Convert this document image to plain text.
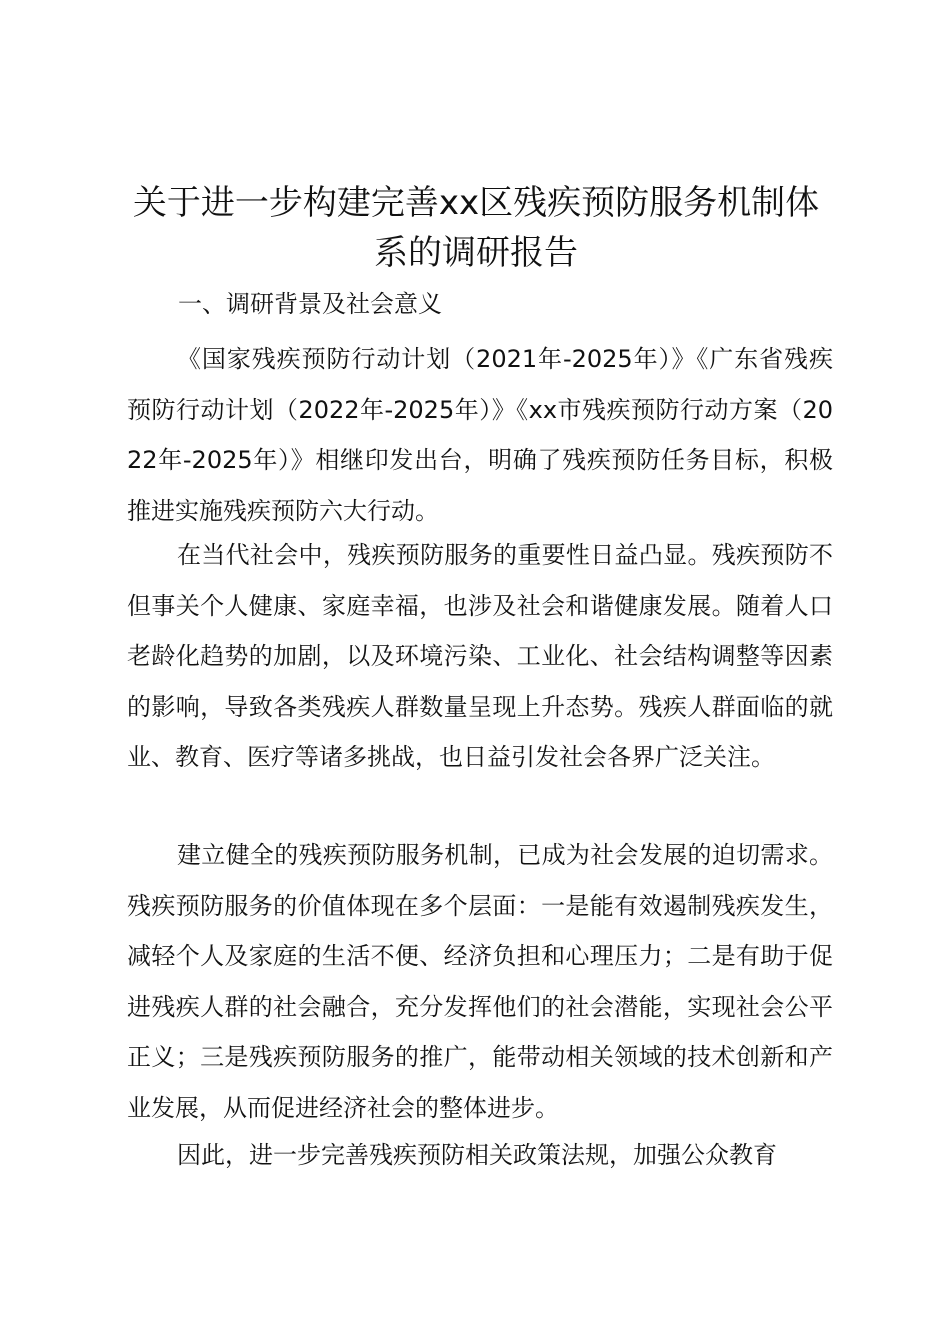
关于进一步构建完善xx区残疾预防服务机制体系的调研报告

一、调研背景及社会意义

《国家残疾预防行动计划（2021年-2025年）》《广东省残疾预防行动计划（2022年-2025年）》《xx市残疾预防行动方案（2022年-2025年）》相继印发出台，明确了残疾预防任务目标，积极推进实施残疾预防六大行动。

在当代社会中，残疾预防服务的重要性日益凸显。残疾预防不但事关个人健康、家庭幸福，也涉及社会和谐健康发展。随着人口老龄化趋势的加剧，以及环境污染、工业化、社会结构调整等因素的影响，导致各类残疾人群数量呈现上升态势。残疾人群面临的就业、教育、医疗等诸多挑战，也日益引发社会各界广泛关注。

建立健全的残疾预防服务机制，已成为社会发展的迫切需求。残疾预防服务的价值体现在多个层面：一是能有效遏制残疾发生，减轻个人及家庭的生活不便、经济负担和心理压力；二是有助于促进残疾人群的社会融合，充分发挥他们的社会潜能，实现社会公平正义；三是残疾预防服务的推广，能带动相关领域的技术创新和产业发展，从而促进经济社会的整体进步。

因此，进一步完善残疾预防相关政策法规，加强公众教育
